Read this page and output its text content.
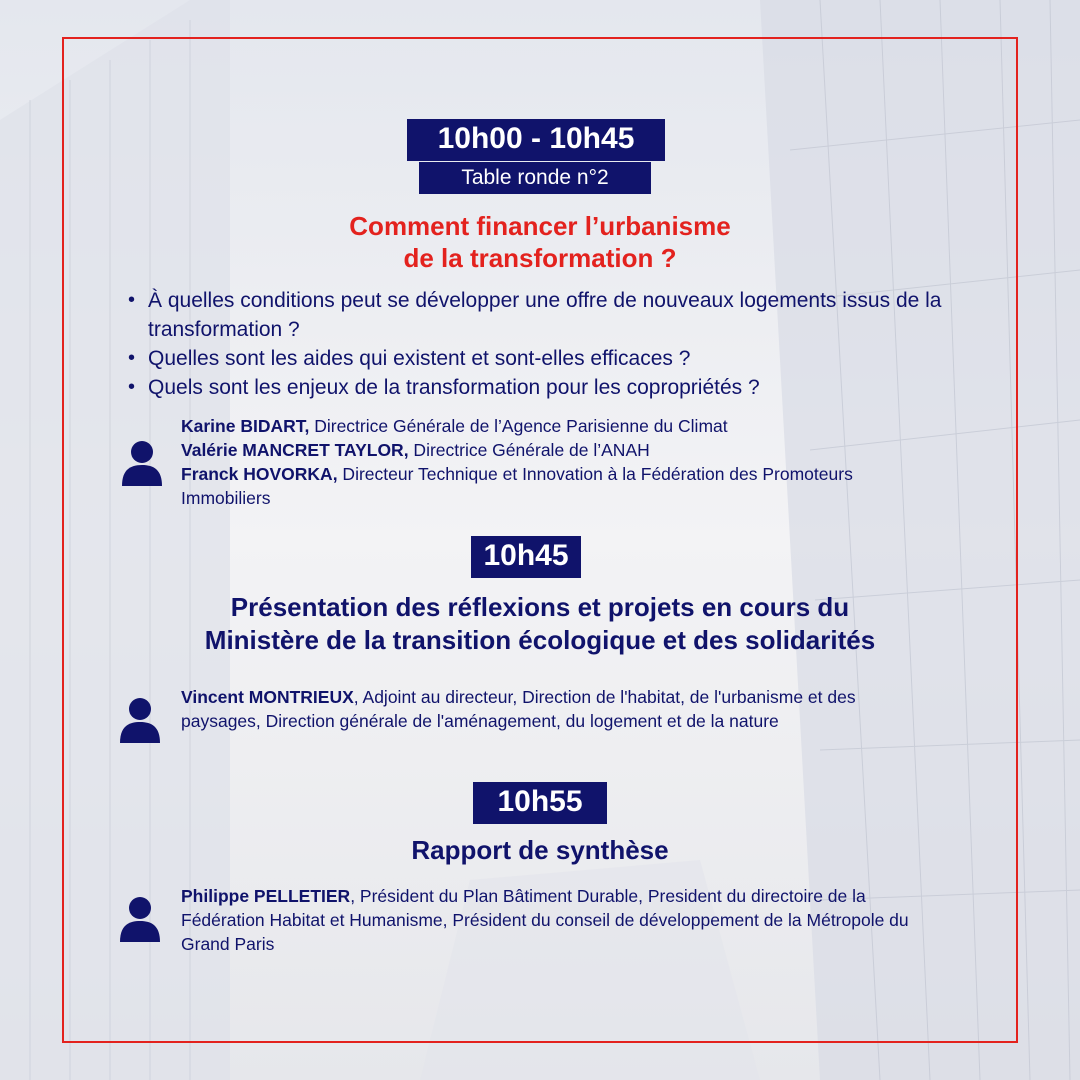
10h00 - 10h45
Table ronde n°2
Comment financer l’urbanisme
de la transformation ?
• À quelles conditions peut se développer une offre de nouveaux logements issus de la transformation ?
• Quelles sont les aides qui existent et sont-elles efficaces ?
• Quels sont les enjeux de la transformation pour les copropriétés ?
Karine BIDART, Directrice Générale de l’Agence Parisienne du Climat
Valérie MANCRET TAYLOR, Directrice Générale de l’ANAH
Franck HOVORKA, Directeur Technique et Innovation à la Fédération des Promoteurs Immobiliers
10h45
Présentation des réflexions et projets en cours du
Ministère de la transition écologique et des solidarités
Vincent MONTRIEUX, Adjoint au directeur, Direction de l'habitat, de l'urbanisme et des paysages, Direction générale de l'aménagement, du logement et de la nature
10h55
Rapport de synthèse
Philippe PELLETIER, Président du Plan Bâtiment Durable, President du directoire de la Fédération Habitat et Humanisme, Président du conseil de développement de la Métropole du Grand Paris
